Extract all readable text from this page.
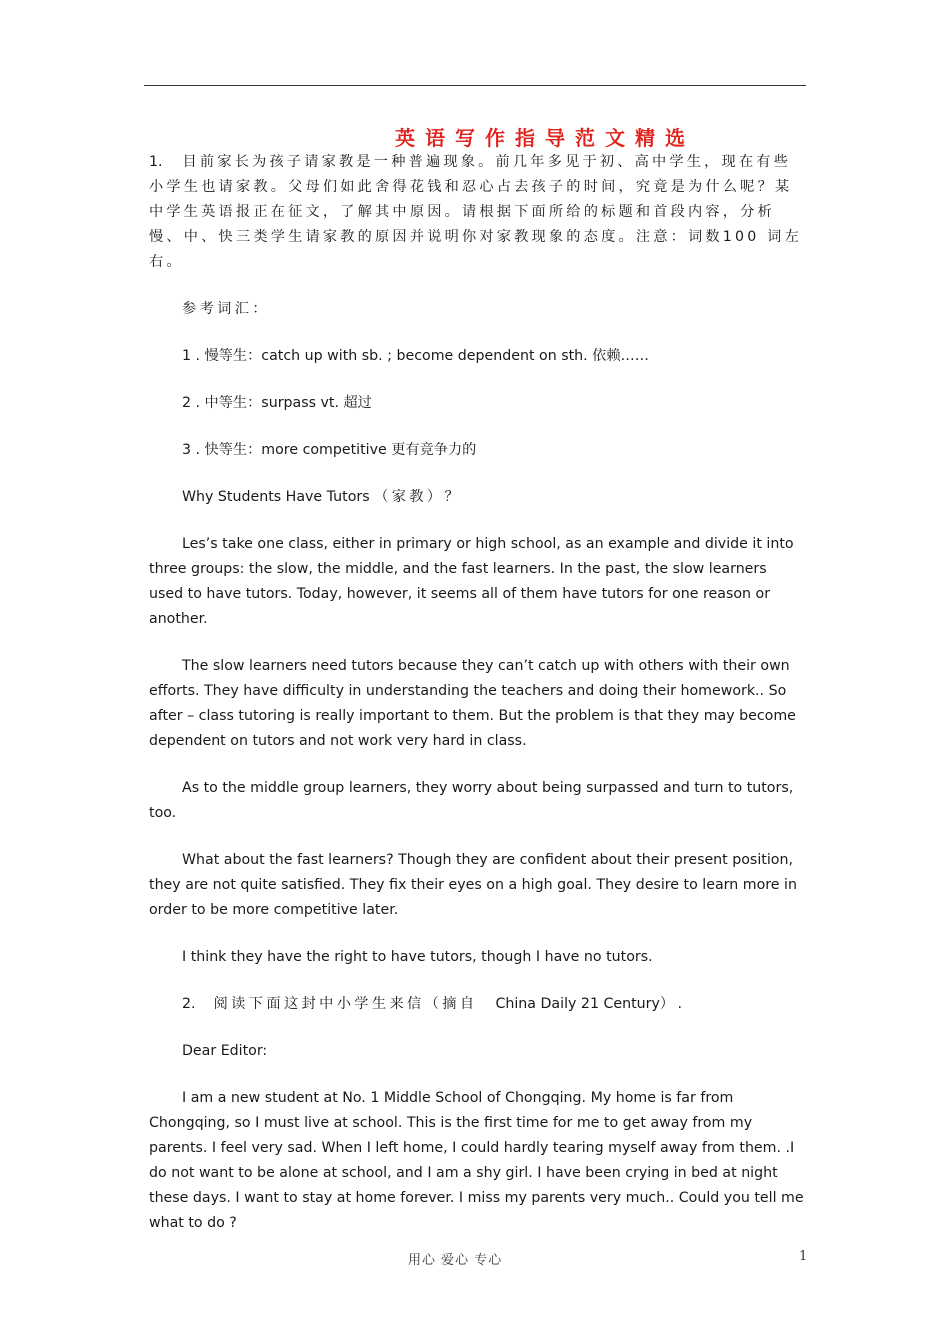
英语写作指导范文精选
1. 目前家长为孩子请家教是一种普遍现象。前几年多见于初、高中学生，现在有些小学生也请家教。父母们如此舍得花钱和忍心占去孩子的时间，究竟是为什么呢？某中学生英语报正在征文，了解其中原因。请根据下面所给的标题和首段内容，分析慢、中、快三类学生请家教的原因并说明你对家教现象的态度。注意：词数100 词左右。
参考词汇：
1 . 慢等生：catch up with sb. ; become dependent on sth. 依赖……
2 . 中等生：surpass vt. 超过
3 . 快等生：more competitive 更有竞争力的
Why Students Have Tutors （家教）？
Les’s take one class, either in primary or high school, as an example and divide it into three groups: the slow, the middle, and the fast learners. In the past, the slow learners used to have tutors. Today, however, it seems all of them have tutors for one reason or another.
The slow learners need tutors because they can’t catch up with others with their own efforts. They have difficulty in understanding the teachers and doing their homework.. So after – class tutoring is really important to them. But the problem is that they may become dependent on tutors and not work very hard in class.
As to the middle group learners, they worry about being surpassed and turn to tutors, too.
What about the fast learners? Though they are confident about their present position, they are not quite satisfied. They fix their eyes on a high goal. They desire to learn more in order to be more competitive later.
I think they have the right to have tutors, though I have no tutors.
2. 阅读下面这封中小学生来信（摘自 China Daily 21 Century）.
Dear Editor:
I am a new student at No. 1 Middle School of Chongqing. My home is far from Chongqing, so I must live at school. This is the first time for me to get away from my parents. I feel very sad. When I left home, I could hardly tearing myself away from them. .I do not want to be alone at school, and I am a shy girl. I have been crying in bed at night these days. I want to stay at home forever. I miss my parents very much.. Could you tell me what to do ?
用心 爱心 专心	1
